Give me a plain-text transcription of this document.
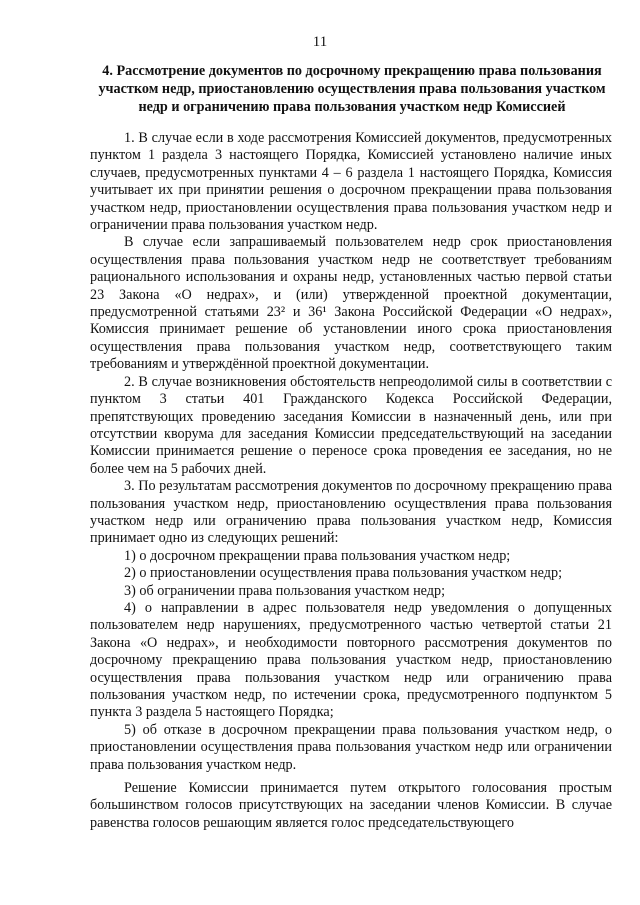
11
4. Рассмотрение документов по досрочному прекращению права пользования участком недр, приостановлению осуществления права пользования участком недр и ограничению права пользования участком недр Комиссией

1. В случае если в ходе рассмотрения Комиссией документов, предусмотренных пунктом 1 раздела 3 настоящего Порядка, Комиссией установлено наличие иных случаев, предусмотренных пунктами 4 – 6 раздела 1 настоящего Порядка, Комиссия учитывает их при принятии решения о досрочном прекращении права пользования участком недр, приостановлении осуществления права пользования участком недр и ограничении права пользования участком недр.

В случае если запрашиваемый пользователем недр срок приостановления осуществления права пользования участком недр не соответствует требованиям рационального использования и охраны недр, установленных частью первой статьи 23 Закона «О недрах», и (или) утвержденной проектной документации, предусмотренной статьями 23² и 36¹ Закона Российской Федерации «О недрах», Комиссия принимает решение об установлении иного срока приостановления осуществления права пользования участком недр, соответствующего таким требованиям и утверждённой проектной документации.

2. В случае возникновения обстоятельств непреодолимой силы в соответствии с пунктом 3 статьи 401 Гражданского Кодекса Российской Федерации, препятствующих проведению заседания Комиссии в назначенный день, или при отсутствии кворума для заседания Комиссии председательствующий на заседании Комиссии принимается решение о переносе срока проведения ее заседания, но не более чем на 5 рабочих дней.

3. По результатам рассмотрения документов по досрочному прекращению права пользования участком недр, приостановлению осуществления права пользования участком недр или ограничению права пользования участком недр, Комиссия принимает одно из следующих решений:

1) о досрочном прекращении права пользования участком недр;

2) о приостановлении осуществления права пользования участком недр;

3) об ограничении права пользования участком недр;

4) о направлении в адрес пользователя недр уведомления о допущенных пользователем недр нарушениях, предусмотренного частью четвертой статьи 21 Закона «О недрах», и необходимости повторного рассмотрения документов по досрочному прекращению права пользования участком недр, приостановлению осуществления права пользования участком недр или ограничению права пользования участком недр, по истечении срока, предусмотренного подпунктом 5 пункта 3 раздела 5 настоящего Порядка;

5) об отказе в досрочном прекращении права пользования участком недр, о приостановлении осуществления права пользования участком недр или ограничении права пользования участком недр.

Решение Комиссии принимается путем открытого голосования простым большинством голосов присутствующих на заседании членов Комиссии. В случае равенства голосов решающим является голос председательствующего
